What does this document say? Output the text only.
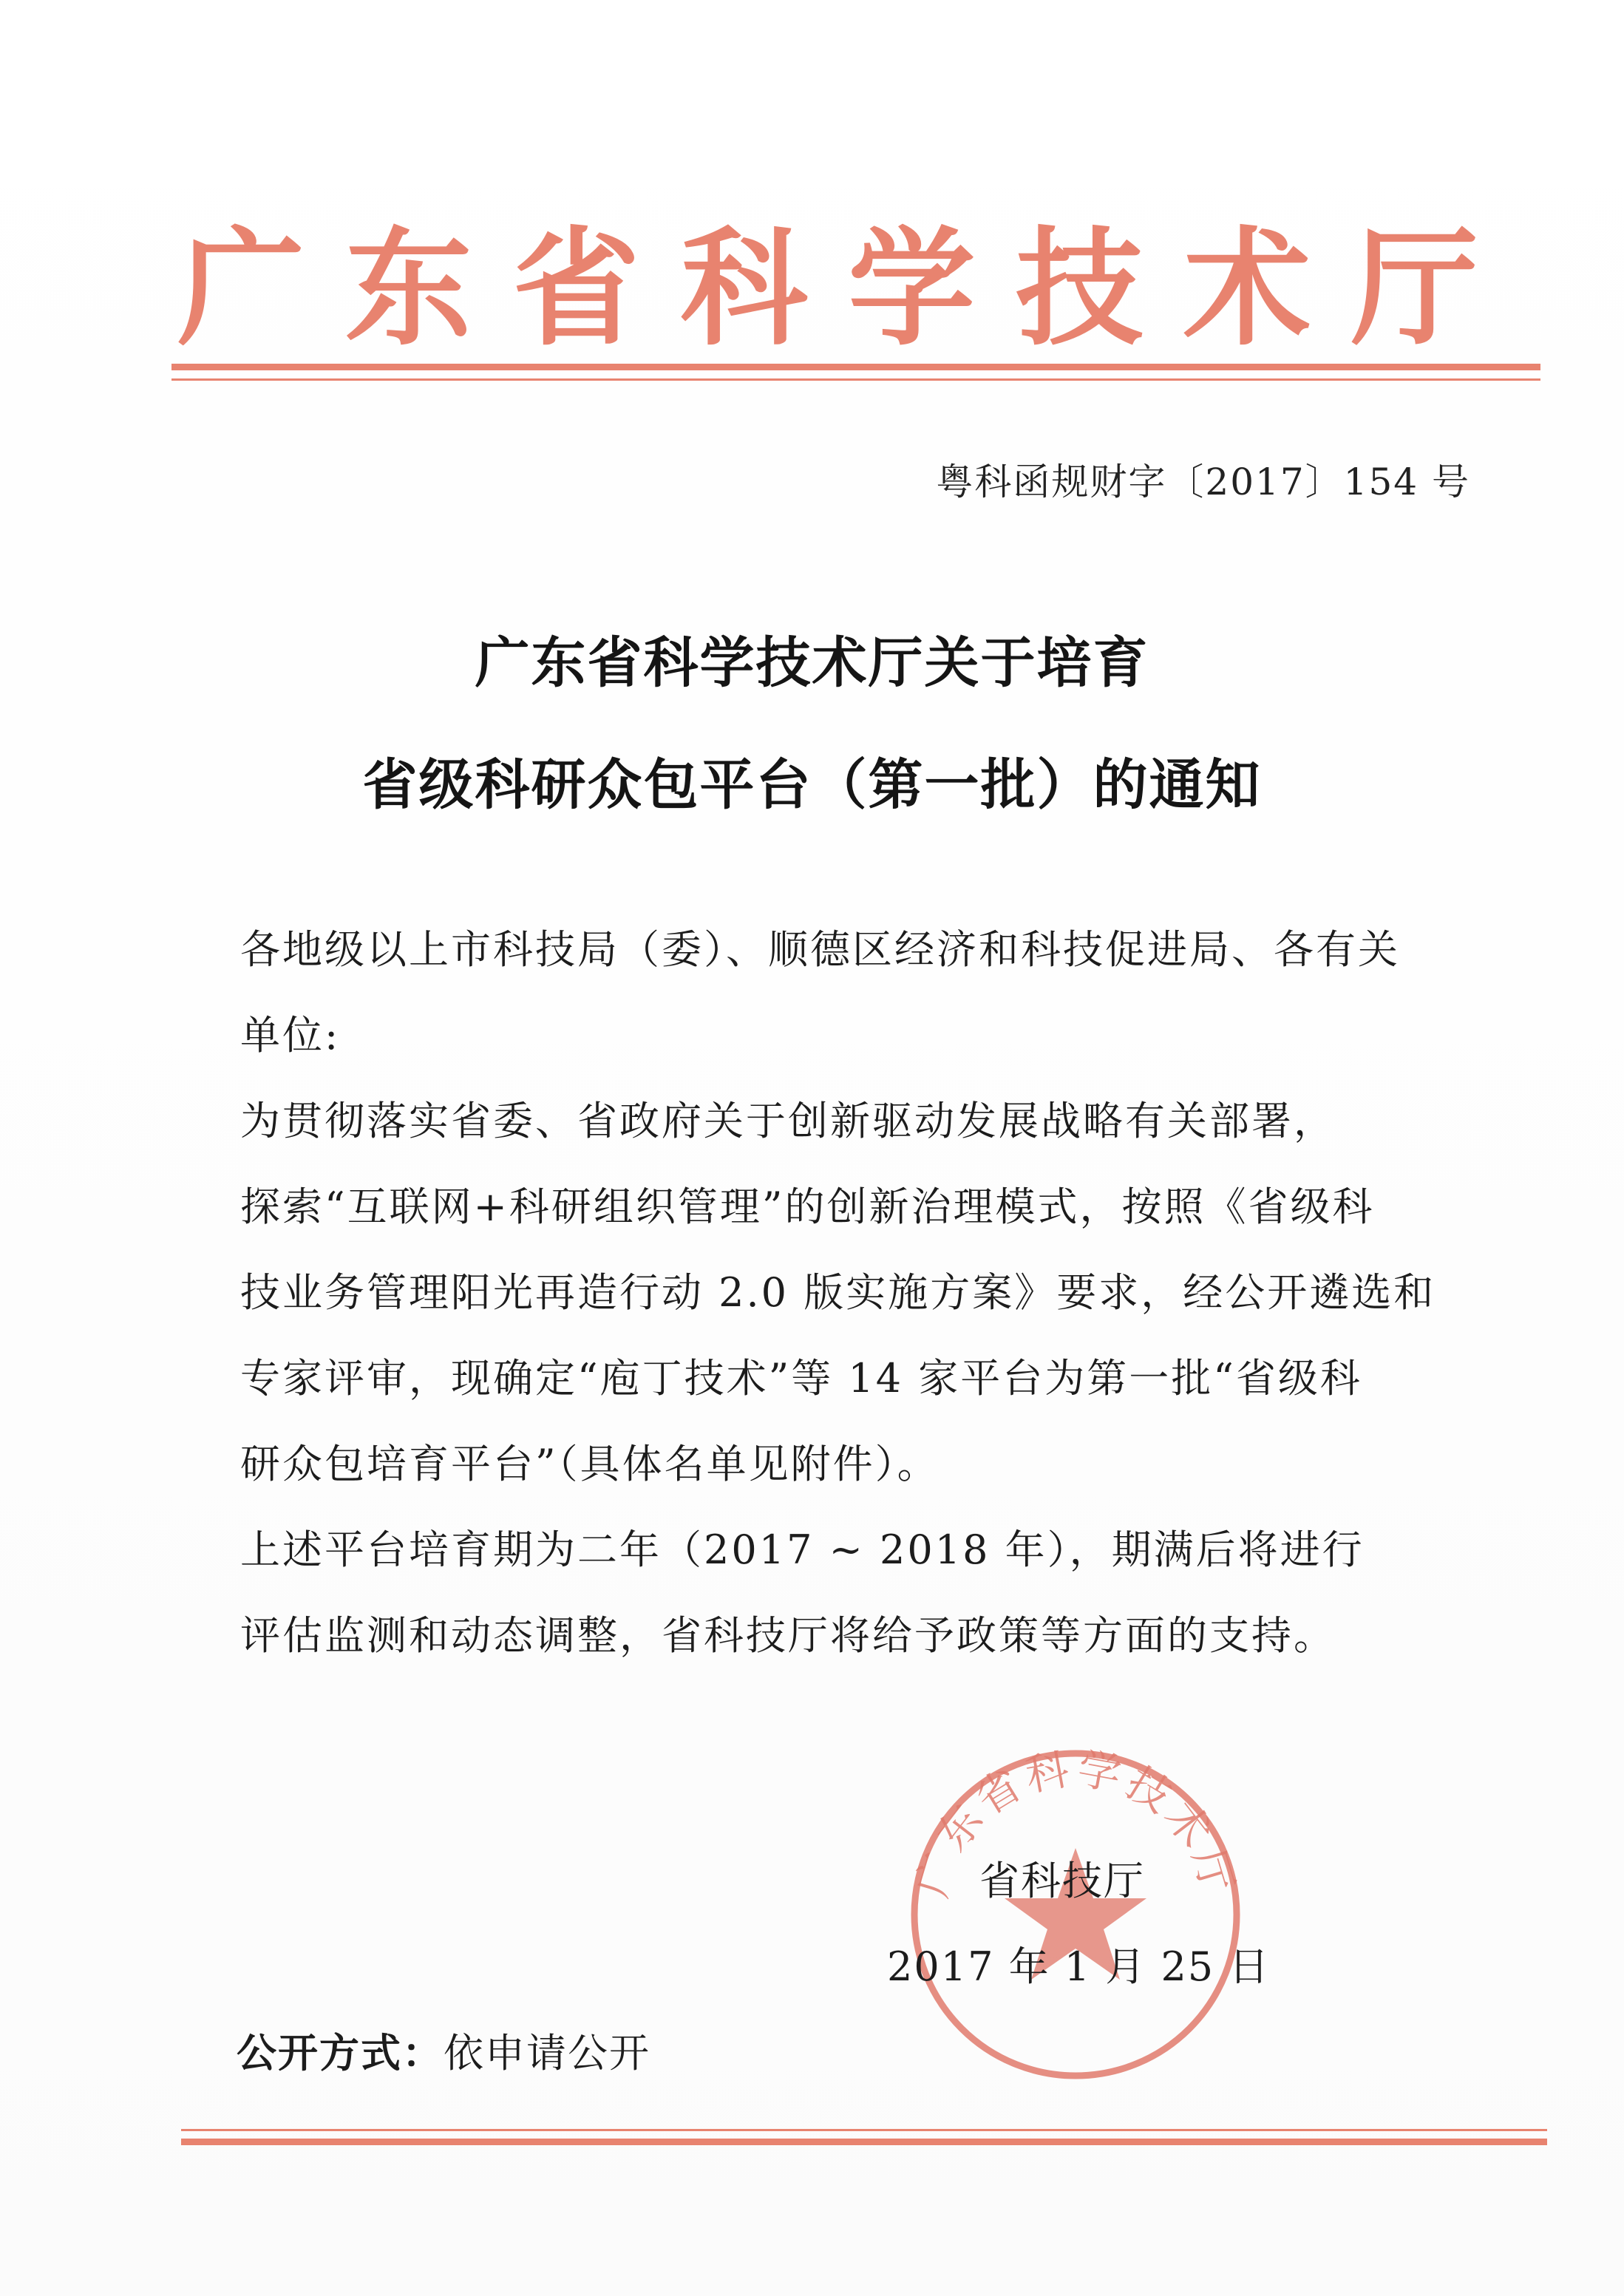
广 东 省 科 学 技 术 厅
粤科函规财字〔2017〕154 号
广东省科学技术厅关于培育
省级科研众包平台（第一批）的通知
各地级以上市科技局（委）、顺德区经济和科技促进局、各有关
单位:
为贯彻落实省委、省政府关于创新驱动发展战略有关部署，
探索“互联网+科研组织管理”的创新治理模式，按照《省级科
技业务管理阳光再造行动 2.0 版实施方案》要求，经公开遴选和
专家评审，现确定“庖丁技术”等 14 家平台为第一批“省级科
研众包培育平台”（具体名单见附件）。
上述平台培育期为二年（2017 ~ 2018 年），期满后将进行
评估监测和动态调整，省科技厅将给予政策等方面的支持。
广东省科学技术厅
省科技厅
2017 年 1 月 25 日
公开方式：依申请公开
